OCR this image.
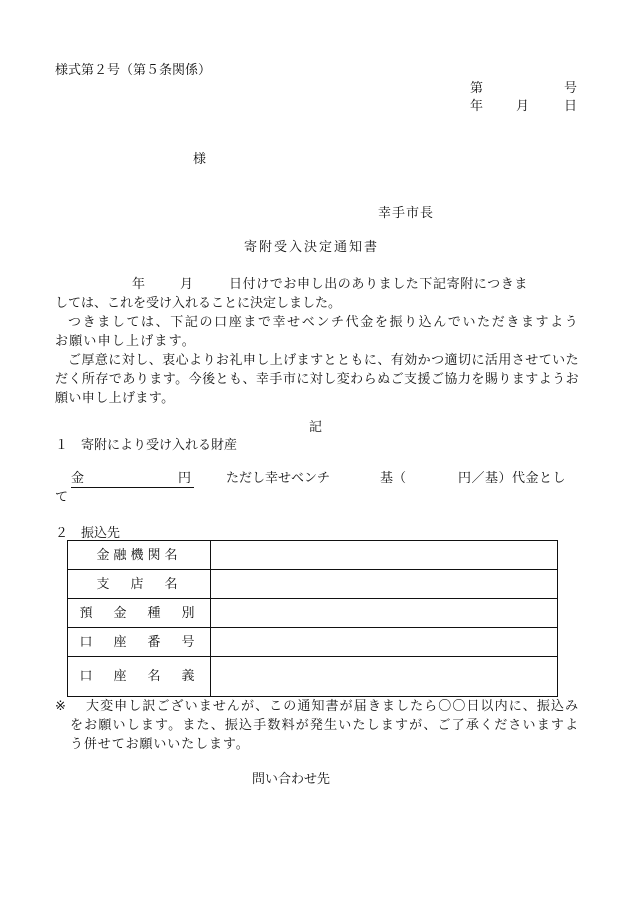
様式第２号（第５条関係）
第	号
年	月	日
様
幸手市長
寄附受入決定通知書
年	月	日付けでお申し出のありました下記寄附につきま
しては、これを受け入れることに決定しました。

つきましては、下記の口座まで幸せベンチ代金を振り込んでいただきますようお願い申し上げます。

ご厚意に対し、衷心よりお礼申し上げますとともに、有効かつ適切に活用させていただく所存であります。今後とも、幸手市に対し変わらぬご支援ご協力を賜りますようお願い申し上げます。

記
１　寄附により受け入れる財産
金	円	ただし幸せベンチ	基（	円／基）代金とし
て
２　振込先
金融機関名	
支　店　名	
預　金　種　別	
口　座　番　号	
口　座　名　義	
※	大変申し訳ございませんが、この通知書が届きましたら〇〇日以内に、振込みをお願いします。また、振込手数料が発生いたしますが、ご了承くださいますよう併せてお願いいたします。

問い合わせ先
